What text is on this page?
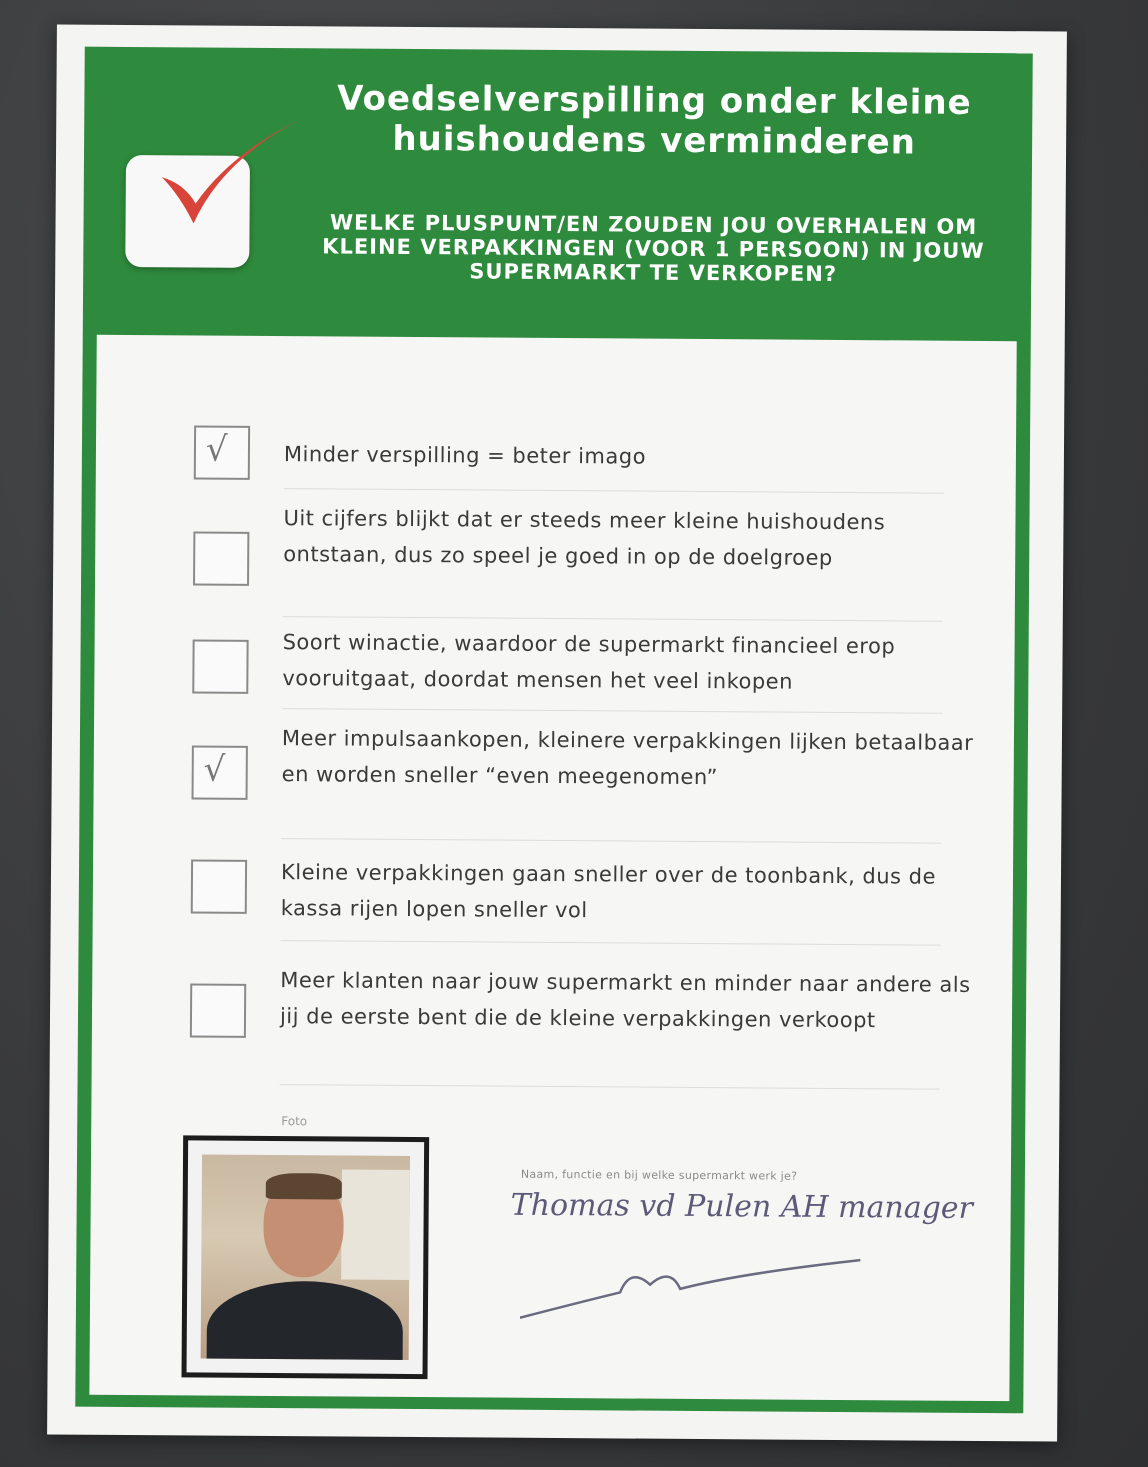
Voedselverspilling onder kleine huishoudens verminderen
WELKE PLUSPUNT/EN ZOUDEN JOU OVERHALEN OM KLEINE VERPAKKINGEN (VOOR 1 PERSOON) IN JOUW SUPERMARKT TE VERKOPEN?
√	Minder verspilling = beter imago
Uit cijfers blijkt dat er steeds meer kleine huishoudens ontstaan, dus zo speel je goed in op de doelgroep
Soort winactie, waardoor de supermarkt financieel erop vooruitgaat, doordat mensen het veel inkopen
√
Meer impulsaankopen, kleinere verpakkingen lijken betaalbaar en worden sneller “even meegenomen”
Kleine verpakkingen gaan sneller over de toonbank, dus de kassa rijen lopen sneller vol
Meer klanten naar jouw supermarkt en minder naar andere als jij de eerste bent die de kleine verpakkingen verkoopt
Foto
Naam, functie en bij welke supermarkt werk je?
Thomas vd Pulen AH manager
